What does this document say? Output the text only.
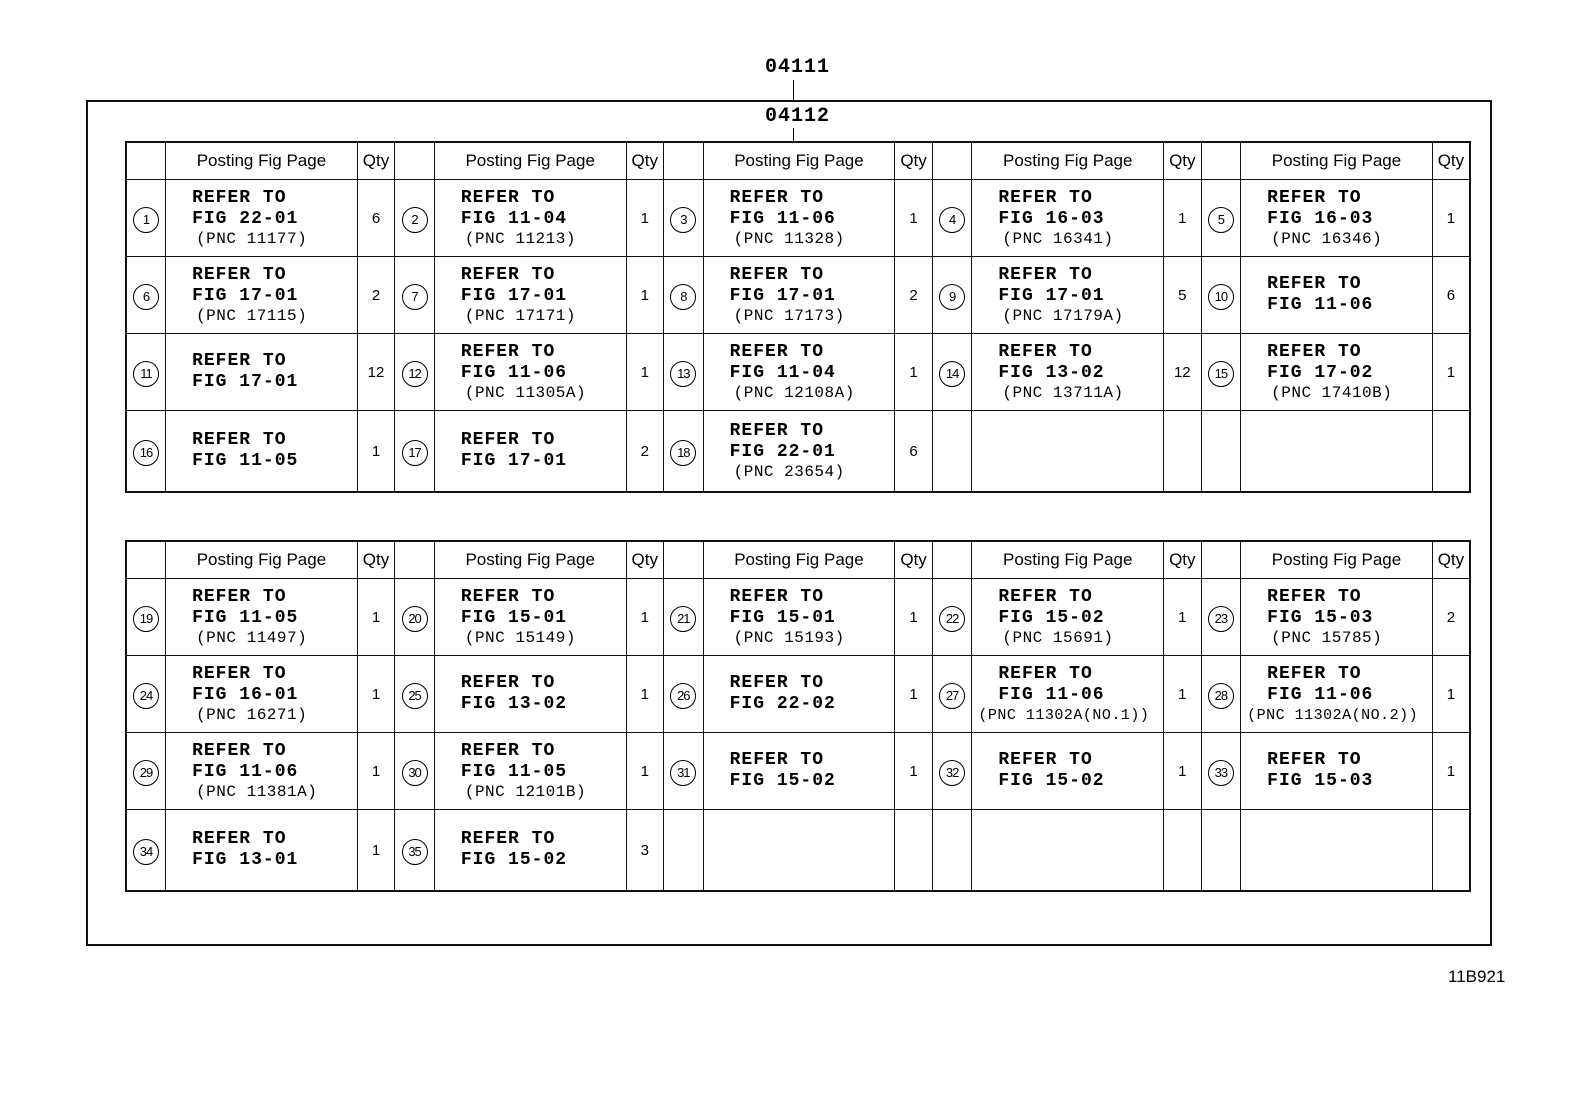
04111
04112
	Posting Fig Page	Qty		Posting Fig Page	Qty		Posting Fig Page	Qty		Posting Fig Page	Qty		Posting Fig Page	Qty
1	REFER TO
FIG 22-01
(PNC 11177)	6	2	REFER TO
FIG 11-04
(PNC 11213)	1	3	REFER TO
FIG 11-06
(PNC 11328)	1	4	REFER TO
FIG 16-03
(PNC 16341)	1	5	REFER TO
FIG 16-03
(PNC 16346)	1
6	REFER TO
FIG 17-01
(PNC 17115)	2	7	REFER TO
FIG 17-01
(PNC 17171)	1	8	REFER TO
FIG 17-01
(PNC 17173)	2	9	REFER TO
FIG 17-01
(PNC 17179A)	5	10	REFER TO
FIG 11-06	6
11	REFER TO
FIG 17-01	12	12	REFER TO
FIG 11-06
(PNC 11305A)	1	13	REFER TO
FIG 11-04
(PNC 12108A)	1	14	REFER TO
FIG 13-02
(PNC 13711A)	12	15	REFER TO
FIG 17-02
(PNC 17410B)	1
16	REFER TO
FIG 11-05	1	17	REFER TO
FIG 17-01	2	18	REFER TO
FIG 22-01
(PNC 23654)	6						
	Posting Fig Page	Qty		Posting Fig Page	Qty		Posting Fig Page	Qty		Posting Fig Page	Qty		Posting Fig Page	Qty
19	REFER TO
FIG 11-05
(PNC 11497)	1	20	REFER TO
FIG 15-01
(PNC 15149)	1	21	REFER TO
FIG 15-01
(PNC 15193)	1	22	REFER TO
FIG 15-02
(PNC 15691)	1	23	REFER TO
FIG 15-03
(PNC 15785)	2
24	REFER TO
FIG 16-01
(PNC 16271)	1	25	REFER TO
FIG 13-02	1	26	REFER TO
FIG 22-02	1	27	REFER TO
FIG 11-06
(PNC 11302A(NO.1))	1	28	REFER TO
FIG 11-06
(PNC 11302A(NO.2))	1
29	REFER TO
FIG 11-06
(PNC 11381A)	1	30	REFER TO
FIG 11-05
(PNC 12101B)	1	31	REFER TO
FIG 15-02	1	32	REFER TO
FIG 15-02	1	33	REFER TO
FIG 15-03	1
34	REFER TO
FIG 13-01	1	35	REFER TO
FIG 15-02	3									
11B921
